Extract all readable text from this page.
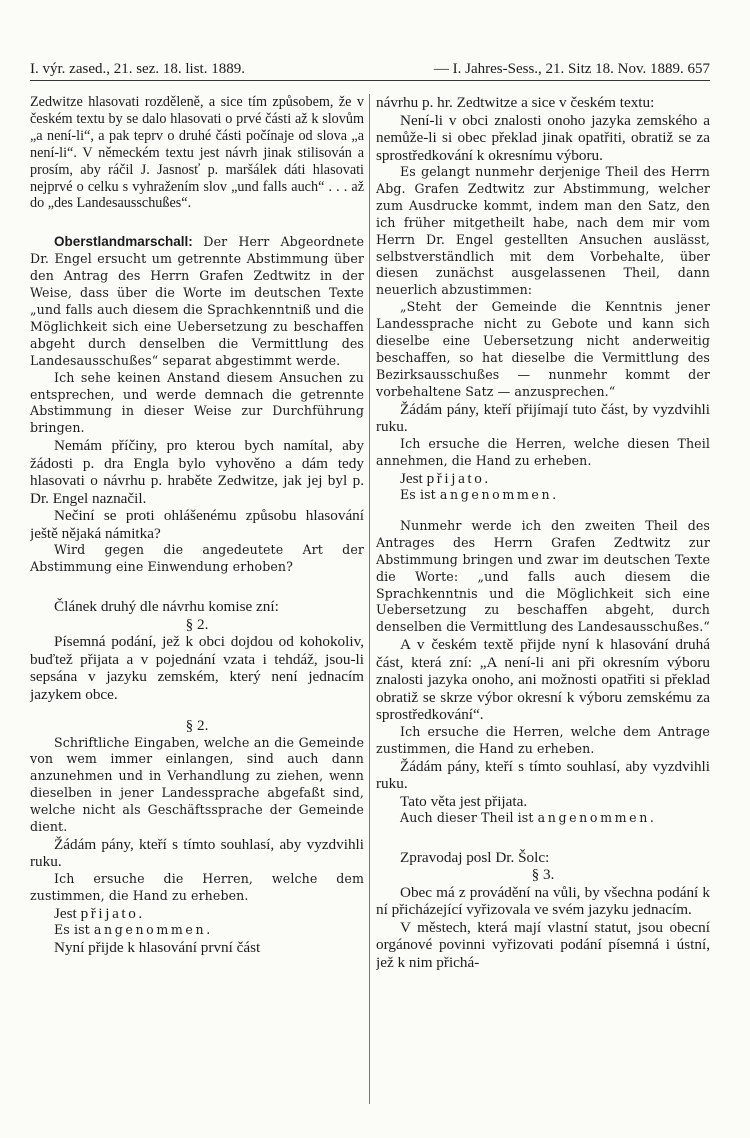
I. výr. zased., 21. sez. 18. list. 1889.	— I. Jahres-Sess., 21. Sitz 18. Nov. 1889. 657

Zedwitze hlasovati rozděleně, a sice tím způsobem, že v českém textu by se dalo hlasovati o prvé části až k slovům „a není-li“, a pak teprv o druhé části počínaje od slova „a není-li“. V německém textu jest návrh jinak stilisován a prosím, aby ráčil J. Jasnosť p. maršálek dáti hlasovati nejprvé o celku s vyhražením slov „und falls auch“ . . . až do „des Landesausschußes“.

Oberstlandmarschall: Der Herr Abgeordnete Dr. Engel ersucht um getrennte Abstimmung über den Antrag des Herrn Grafen Zedtwitz in der Weise, dass über die Worte im deutschen Texte „und falls auch diesem die Sprachkenntniß und die Möglichkeit sich eine Uebersetzung zu beschaffen abgeht durch denselben die Vermittlung des Landesausschußes“ separat abgestimmt werde.

Ich sehe keinen Anstand diesem Ansuchen zu entsprechen, und werde demnach die getrennte Abstimmung in dieser Weise zur Durchführung bringen.

Nemám příčiny, pro kterou bych namítal, aby žádosti p. dra Engla bylo vyhověno a dám tedy hlasovati o návrhu p. hraběte Zedwitze, jak jej byl p. Dr. Engel naznačil.

Nečiní se proti ohlášenému způsobu hlasování ještě nějaká námitka?

Wird gegen die angedeutete Art der Abstimmung eine Einwendung erhoben?

Článek druhý dle návrhu komise zní:

§ 2.

Písemná podání, jež k obci dojdou od kohokoliv, buďtež přijata a v pojednání vzata i tehdáž, jsou-li sepsána v jazyku zemském, který není jednacím jazykem obce.

§ 2.

Schriftliche Eingaben, welche an die Gemeinde von wem immer einlangen, sind auch dann anzunehmen und in Verhandlung zu ziehen, wenn dieselben in jener Landessprache abgefaßt sind, welche nicht als Geschäftssprache der Gemeinde dient.

Žádám pány, kteří s tímto souhlasí, aby vyzdvihli ruku.

Ich ersuche die Herren, welche dem zustimmen, die Hand zu erheben.

Jest přijato.

Es ist angenommen.

Nyní přijde k hlasování první část

návrhu p. hr. Zedtwitze a sice v českém textu:

Není-li v obci znalosti onoho jazyka zemského a nemůže-li si obec překlad jinak opatřiti, obratiž se za sprostředkování k okresnímu výboru.

Es gelangt nunmehr derjenige Theil des Herrn Abg. Grafen Zedtwitz zur Abstimmung, welcher zum Ausdrucke kommt, indem man den Satz, den ich früher mitgetheilt habe, nach dem mir vom Herrn Dr. Engel gestellten Ansuchen auslässt, selbstverständlich mit dem Vorbehalte, über diesen zunächst ausgelassenen Theil, dann neuerlich abzustimmen:

„Steht der Gemeinde die Kenntnis jener Landessprache nicht zu Gebote und kann sich dieselbe eine Uebersetzung nicht anderweitig beschaffen, so hat dieselbe die Vermittlung des Bezirksausschußes — nunmehr kommt der vorbehaltene Satz — anzusprechen.“

Žádám pány, kteří přijímají tuto část, by vyzdvihli ruku.

Ich ersuche die Herren, welche diesen Theil annehmen, die Hand zu erheben.

Jest přijato.

Es ist angenommen.

Nunmehr werde ich den zweiten Theil des Antrages des Herrn Grafen Zedtwitz zur Abstimmung bringen und zwar im deutschen Texte die Worte: „und falls auch diesem die Sprachkenntnis und die Möglichkeit sich eine Uebersetzung zu beschaffen abgeht, durch denselben die Vermittlung des Landesausschußes.“

A v českém textě přijde nyní k hlasování druhá část, která zní: „A není-li ani při okresním výboru znalosti jazyka onoho, ani možnosti opatřiti si překlad obratiž se skrze výbor okresní k výboru zemskému za sprostředkování“.

Ich ersuche die Herren, welche dem Antrage zustimmen, die Hand zu erheben.

Žádám pány, kteří s tímto souhlasí, aby vyzdvihli ruku.

Tato věta jest přijata.

Auch dieser Theil ist angenommen.

Zpravodaj posl Dr. Šolc:

§ 3.

Obec má z provádění na vůli, by všechna podání k ní přicházející vyřizovala ve svém jazyku jednacím.

V městech, která mají vlastní statut, jsou obecní orgánové povinni vyřizovati podání písemná i ústní, jež k nim přichá-
